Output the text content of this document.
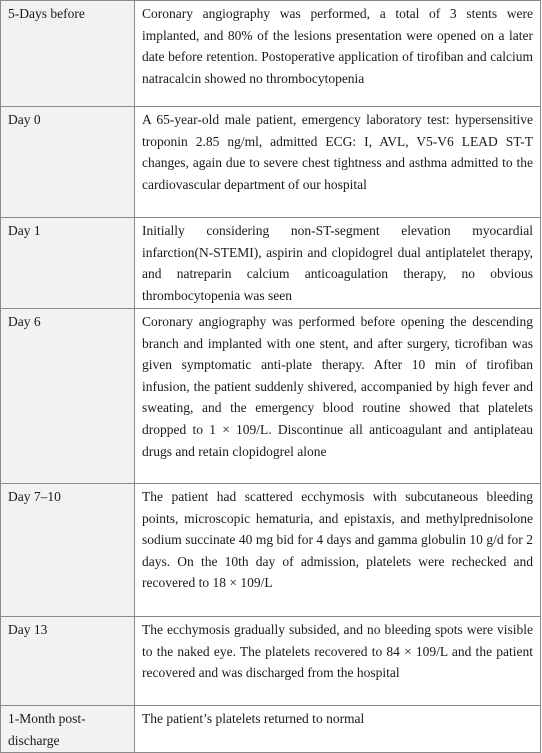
5-Days before	Coronary angiography was performed, a total of 3 stents were implanted, and 80% of the lesions presentation were opened on a later date before retention. Postoperative application of tirofiban and calcium natracalcin showed no thrombocytopenia
Day 0	A 65-year-old male patient, emergency laboratory test: hypersensitive troponin 2.85 ng/ml, admitted ECG: I, AVL, V5-V6 LEAD ST-T changes, again due to severe chest tightness and asthma admitted to the cardiovascular department of our hospital
Day 1	Initially considering non-ST-segment elevation myocardial infarction(N-STEMI), aspirin and clopidogrel dual antiplatelet therapy, and natreparin calcium anticoagulation therapy, no obvious thrombocytopenia was seen
Day 6	Coronary angiography was performed before opening the descending branch and implanted with one stent, and after surgery, ticrofiban was given symptomatic anti-plate therapy. After 10 min of tirofiban infusion, the patient suddenly shivered, accompanied by high fever and sweating, and the emergency blood routine showed that platelets dropped to 1 × 109/L. Discontinue all anticoagulant and antiplateau drugs and retain clopidogrel alone
Day 7–10	The patient had scattered ecchymosis with subcutaneous bleeding points, microscopic hematuria, and epistaxis, and methylprednisolone sodium succinate 40 mg bid for 4 days and gamma globulin 10 g/d for 2 days. On the 10th day of admission, platelets were rechecked and recovered to 18 × 109/L
Day 13	The ecchymosis gradually subsided, and no bleeding spots were visible to the naked eye. The platelets recovered to 84 × 109/L and the patient recovered and was discharged from the hospital
1-Month post-discharge	The patient’s platelets returned to normal
